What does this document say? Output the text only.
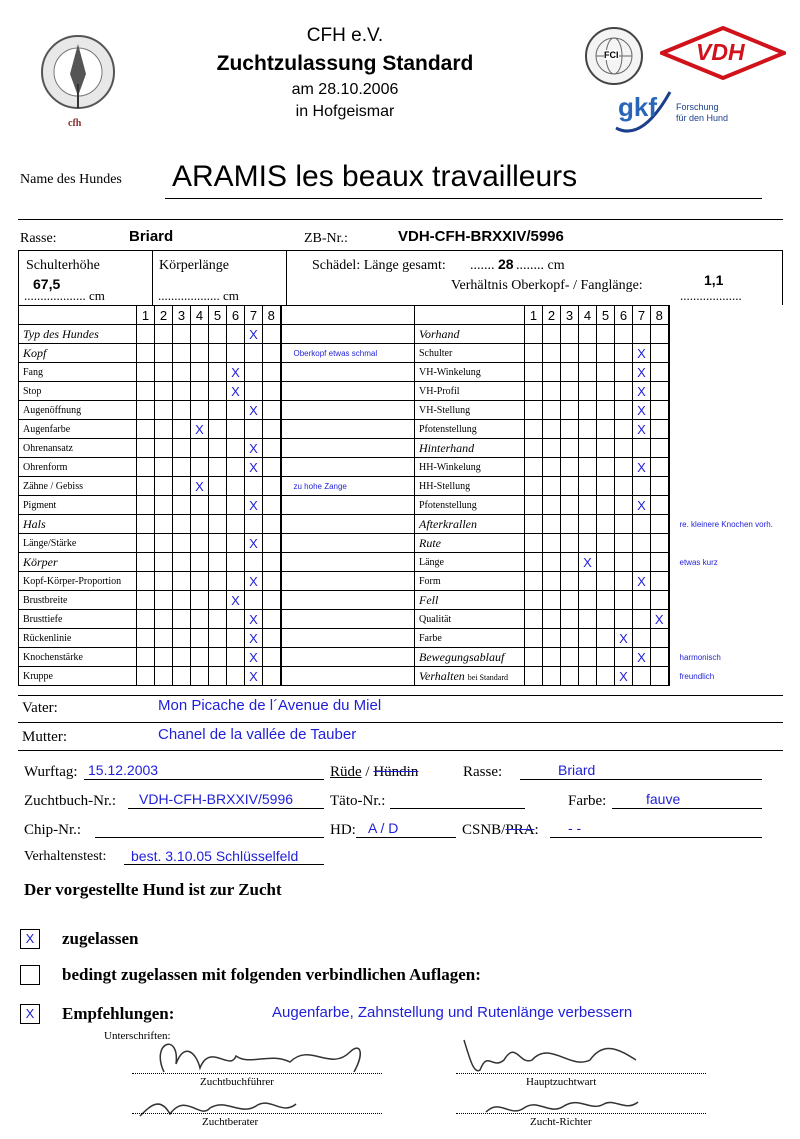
cfh
CFH e.V.
Zuchtzulassung Standard
am 28.10.2006
in Hofgeismar
FCI	VDH
gkf Forschung
für den Hund
Name des Hundes ARAMIS les beaux travailleurs
Rasse:	Briard	ZB-Nr.:	VDH-CFH-BRXXIV/5996
Schulterhöhe
67,5
................... cm
Körperlänge
................... cm
Schädel: Länge gesamt: ....... 28 ........ cm
Verhältnis Oberkopf- / Fanglänge:	1,1
...................
	1	2	3	4	5	6	7	8			1	2	3	4	5	6	7	8	
Typ des Hundes							X			Vorhand									
Kopf									Oberkopf etwas schmal	Schulter							X		
Fang						X				VH-Winkelung							X		
Stop						X				VH-Profil							X		
Augenöffnung							X			VH-Stellung							X		
Augenfarbe				X						Pfotenstellung							X		
Ohrenansatz							X			Hinterhand									
Ohrenform							X			HH-Winkelung							X		
Zähne / Gebiss				X					zu hohe Zange	HH-Stellung									
Pigment							X			Pfotenstellung							X		
Hals										Afterkrallen									re. kleinere Knochen vorh.
Länge/Stärke							X			Rute									
Körper										Länge				X					etwas kurz
Kopf-Körper-Proportion							X			Form							X		
Brustbreite						X				Fell									
Brusttiefe							X			Qualität								X	
Rückenlinie							X			Farbe						X			
Knochenstärke							X			Bewegungsablauf							X		harmonisch
Kruppe							X			Verhalten bei Standard						X			freundlich
Vater:	Mon Picache de l´Avenue du Miel
Mutter:	Chanel de la vallée de Tauber
Wurftag: 15.12.2003	Rüde / Hündin	Rasse:	Briard
Zuchtbuch-Nr.: VDH-CFH-BRXXIV/5996 Täto-Nr.:	Farbe:	fauve
Chip-Nr.:	HD: A / D	CSNB/PRA: - -
Verhaltenstest: best. 3.10.05 Schlüsselfeld
Der vorgestellte Hund ist zur Zucht
X	zugelassen
bedingt zugelassen mit folgenden verbindlichen Auflagen:
X	Empfehlungen:	Augenfarbe, Zahnstellung und Rutenlänge verbessern
Unterschriften:
Zuchtbuchführer	Hauptzuchtwart
Zuchtberater	Zucht-Richter
